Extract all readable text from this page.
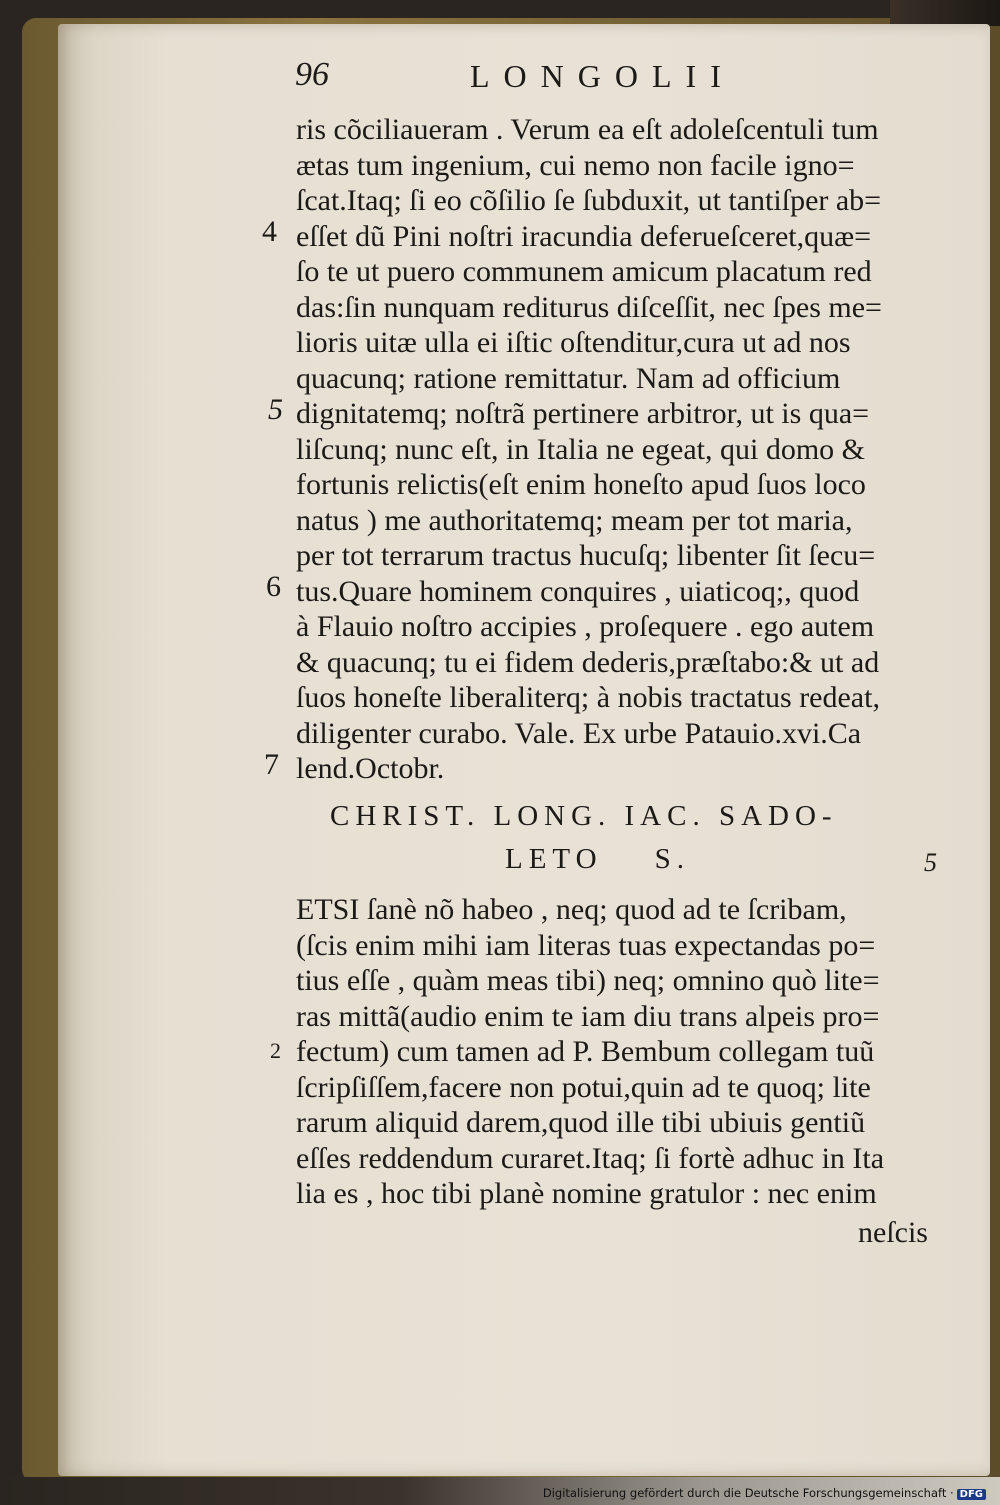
96	LONGOLII
ris cõciliaueram . Verum ea eſt adoleſcentuli tum
ætas tum ingenium, cui nemo non facile igno=
ſcat.Itaq; ſi eo cõſilio ſe ſubduxit, ut tantiſper ab=
eſſet dũ Pini noſtri iracundia deferueſceret,quæ=
ſo te ut puero communem amicum placatum red
das:ſin nunquam rediturus diſceſſit, nec ſpes me=
lioris uitæ ulla ei iſtic oſtenditur,cura ut ad nos
quacunq; ratione remittatur. Nam ad officium
dignitatemq; noſtrã pertinere arbitror, ut is qua=
liſcunq; nunc eſt, in Italia ne egeat, qui domo &
fortunis relictis(eſt enim honeſto apud ſuos loco
natus ) me authoritatemq; meam per tot maria,
per tot terrarum tractus hucuſq; libenter ſit ſecu=
tus.Quare hominem conquires , uiaticoq;, quod
à Flauio noſtro accipies , proſequere . ego autem
& quacunq; tu ei fidem dederis,præſtabo:& ut ad
ſuos honeſte liberaliterq; à nobis tractatus redeat,
diligenter curabo. Vale. Ex urbe Patauio.xvi.Ca
lend.Octobr.
4
5
6
7
CHRIST. LONG. IAC. SADO-
LETO S.	5
ETSI ſanè nõ habeo , neq; quod ad te ſcribam,
(ſcis enim mihi iam literas tuas expectandas po=
tius eſſe , quàm meas tibi) neq; omnino quò lite=
ras mittã(audio enim te iam diu trans alpeis pro=
fectum) cum tamen ad P. Bembum collegam tuũ
ſcripſiſſem,facere non potui,quin ad te quoq; lite
rarum aliquid darem,quod ille tibi ubiuis gentiũ
eſſes reddendum curaret.Itaq; ſi fortè adhuc in Ita
lia es , hoc tibi planè nomine gratulor : nec enim
2
neſcis
Digitalisierung gefördert durch die Deutsche Forschungsgemeinschaft · DFG
